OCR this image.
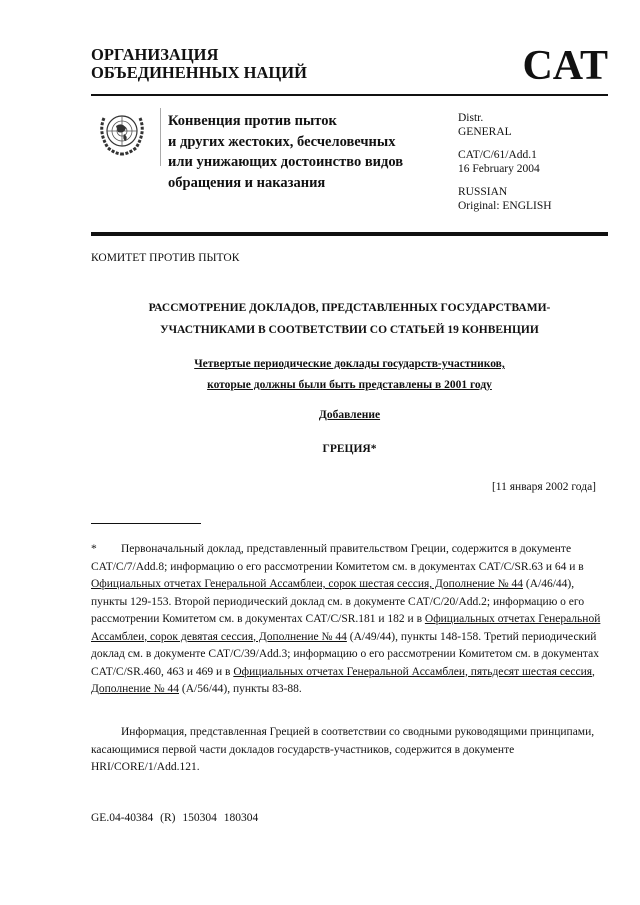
ОРГАНИЗАЦИЯ
ОБЪЕДИНЕННЫХ НАЦИЙ	CAT
Конвенция против пыток
и других жестоких, бесчеловечных
или унижающих достоинство видов
обращения и наказания

Distr.
GENERAL

CAT/C/61/Add.1
16 February 2004

RUSSIAN
Original: ENGLISH

КОМИТЕТ ПРОТИВ ПЫТОК
РАССМОТРЕНИЕ ДОКЛАДОВ, ПРЕДСТАВЛЕННЫХ ГОСУДАРСТВАМИ-
УЧАСТНИКАМИ В СООТВЕТСТВИИ СО СТАТЬЕЙ 19 КОНВЕНЦИИ
Четвертые периодические доклады государств-участников,
которые должны были быть представлены в 2001 году
Добавление
ГРЕЦИЯ*
[11 января 2002 года]
* Первоначальный доклад, представленный правительством Греции, содержится в документе CAT/C/7/Add.8; информацию о его рассмотрении Комитетом см. в документах CAT/C/SR.63 и 64 и в Официальных отчетах Генеральной Ассамблеи, сорок шестая сессия, Дополнение № 44 (A/46/44), пункты 129-153. Второй периодический доклад см. в документе CAT/C/20/Add.2; информацию о его рассмотрении Комитетом см. в документах CAT/C/SR.181 и 182 и в Официальных отчетах Генеральной Ассамблеи, сорок девятая сессия, Дополнение № 44 (A/49/44), пункты 148-158. Третий периодический доклад см. в документе CAT/C/39/Add.3; информацию о его рассмотрении Комитетом см. в документах CAT/C/SR.460, 463 и 469 и в Официальных отчетах Генеральной Ассамблеи, пятьдесят шестая сессия, Дополнение № 44 (A/56/44), пункты 83-88.
Информация, представленная Грецией в соответствии со сводными руководящими принципами, касающимися первой части докладов государств-участников, содержится в документе HRI/CORE/1/Add.121.
GE.04-40384 (R) 150304 180304
